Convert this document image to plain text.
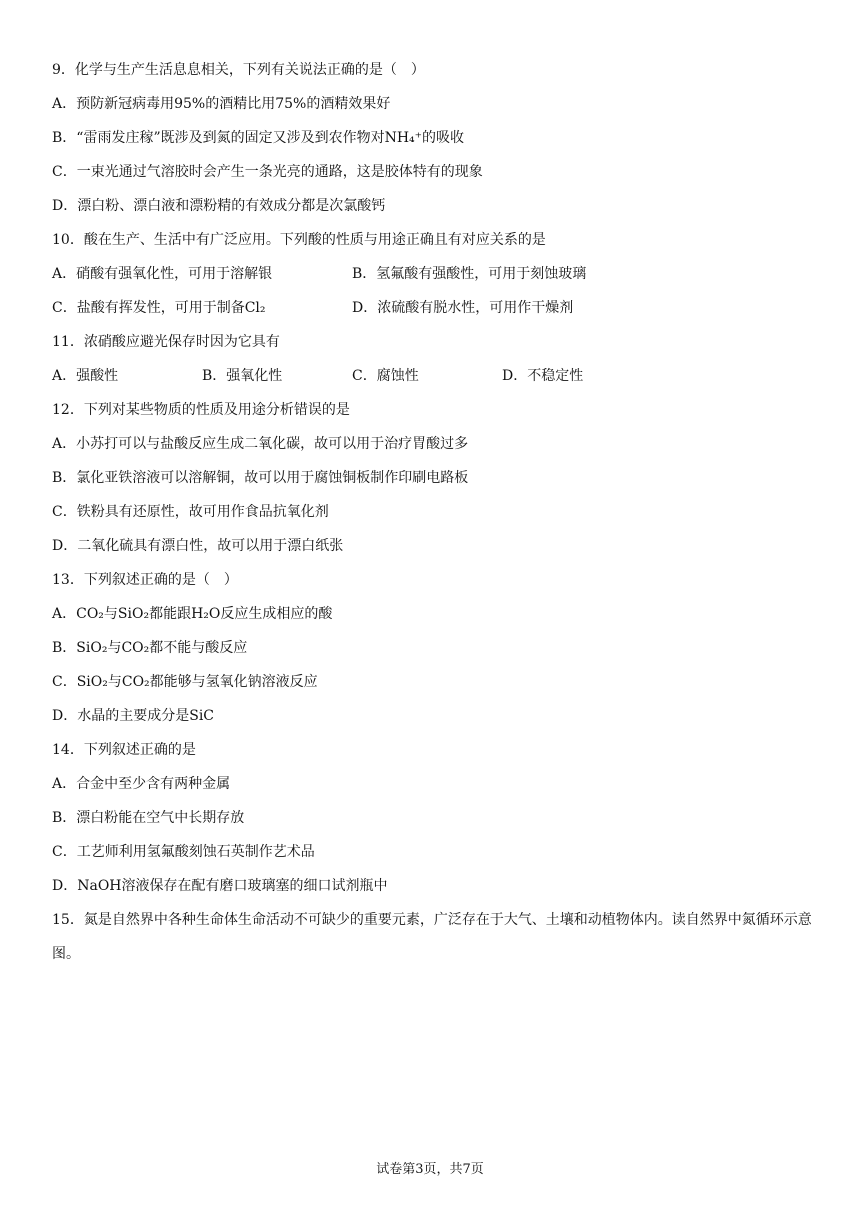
9．化学与生产生活息息相关，下列有关说法正确的是（　）
A．预防新冠病毒用95%的酒精比用75%的酒精效果好
B．“雷雨发庄稼”既涉及到氮的固定又涉及到农作物对NH₄⁺的吸收
C．一束光通过气溶胶时会产生一条光亮的通路，这是胶体特有的现象
D．漂白粉、漂白液和漂粉精的有效成分都是次氯酸钙
10．酸在生产、生活中有广泛应用。下列酸的性质与用途正确且有对应关系的是
A．硝酸有强氧化性，可用于溶解银	B．氢氟酸有强酸性，可用于刻蚀玻璃
C．盐酸有挥发性，可用于制备Cl₂	D．浓硫酸有脱水性，可用作干燥剂
11．浓硝酸应避光保存时因为它具有
A．强酸性	B．强氧化性	C．腐蚀性	D．不稳定性
12．下列对某些物质的性质及用途分析错误的是
A．小苏打可以与盐酸反应生成二氧化碳，故可以用于治疗胃酸过多
B．氯化亚铁溶液可以溶解铜，故可以用于腐蚀铜板制作印刷电路板
C．铁粉具有还原性，故可用作食品抗氧化剂
D．二氧化硫具有漂白性，故可以用于漂白纸张
13．下列叙述正确的是（　）
A．CO₂与SiO₂都能跟H₂O反应生成相应的酸
B．SiO₂与CO₂都不能与酸反应
C．SiO₂与CO₂都能够与氢氧化钠溶液反应
D．水晶的主要成分是SiC
14．下列叙述正确的是
A．合金中至少含有两种金属
B．漂白粉能在空气中长期存放
C．工艺师利用氢氟酸刻蚀石英制作艺术品
D．NaOH溶液保存在配有磨口玻璃塞的细口试剂瓶中
15．氮是自然界中各种生命体生命活动不可缺少的重要元素，广泛存在于大气、土壤和动植物体内。读自然界中氮循环示意图。
试卷第3页，共7页
